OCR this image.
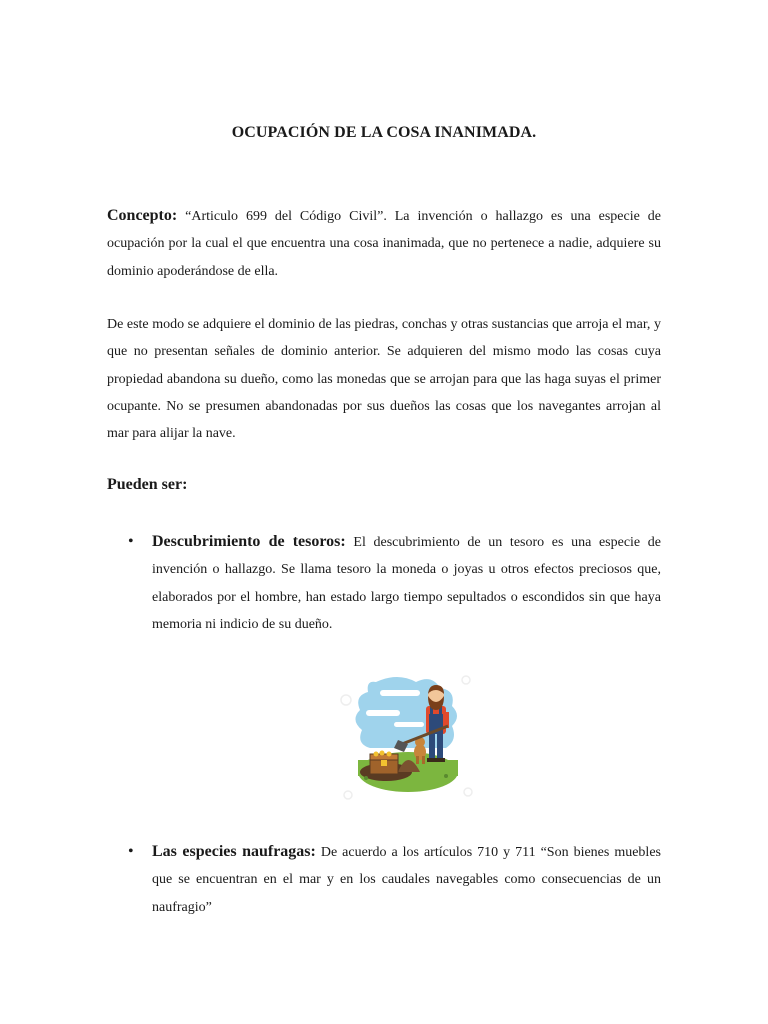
OCUPACIÓN DE LA COSA INANIMADA.
Concepto: “Articulo 699 del Código Civil”. La invención o hallazgo es una especie de ocupación por la cual el que encuentra una cosa inanimada, que no pertenece a nadie, adquiere su dominio apoderándose de ella.
De este modo se adquiere el dominio de las piedras, conchas y otras sustancias que arroja el mar, y que no presentan señales de dominio anterior. Se adquieren del mismo modo las cosas cuya propiedad abandona su dueño, como las monedas que se arrojan para que las haga suyas el primer ocupante. No se presumen abandonadas por sus dueños las cosas que los navegantes arrojan al mar para alijar la nave.
Pueden ser:
• Descubrimiento de tesoros: El descubrimiento de un tesoro es una especie de invención o hallazgo. Se llama tesoro la moneda o joyas u otros efectos preciosos que, elaborados por el hombre, han estado largo tiempo sepultados o escondidos sin que haya memoria ni indicio de su dueño.
• Las especies naufragas: De acuerdo a los artículos 710 y 711 “Son bienes muebles que se encuentran en el mar y en los caudales navegables como consecuencias de un naufragio”
